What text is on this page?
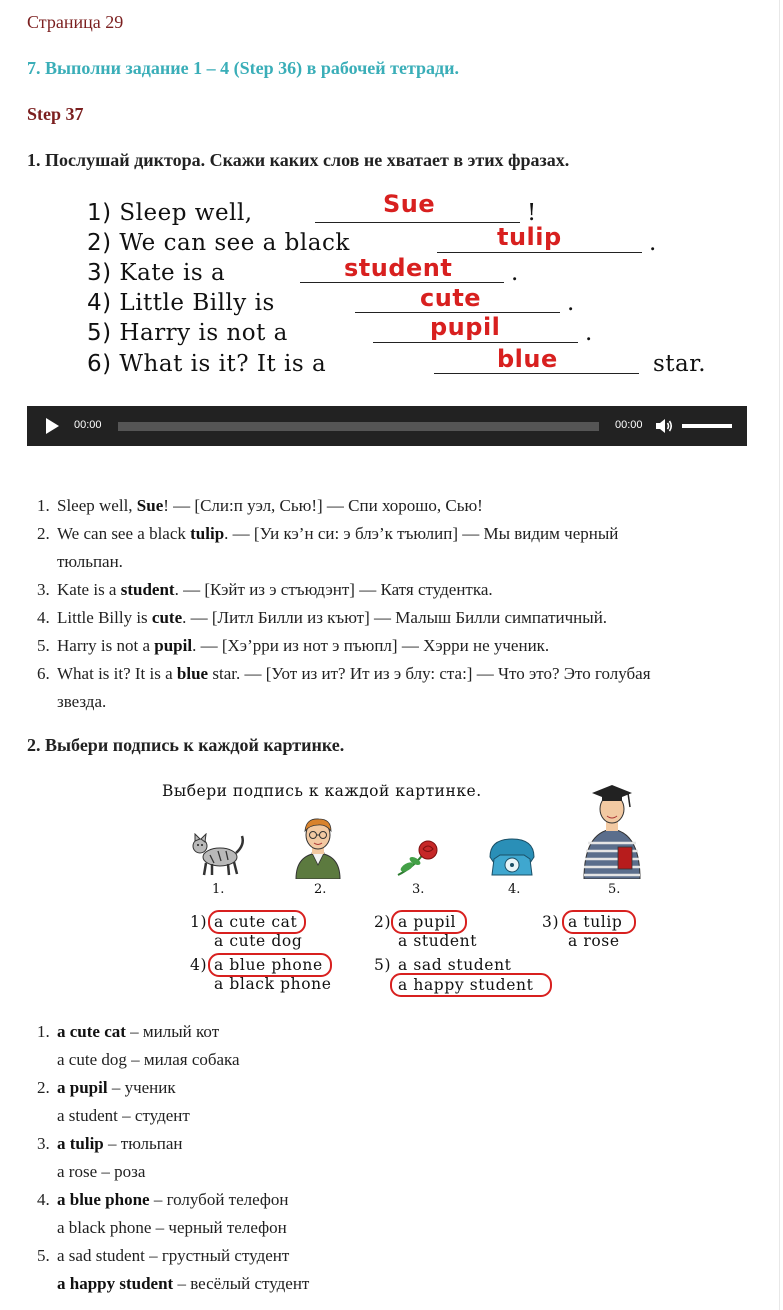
Страница 29
7. Выполни задание 1 – 4 (Step 36) в рабочей тетради.
Step 37
1. Послушай диктора. Скажи каких слов не хватает в этих фразах.
1) Sleep well,	Sue	!
2) We can see a black	tulip	.
3) Kate is a	student	.
4) Little Billy is	cute	.
5) Harry is not a	pupil	.
6) What is it? It is a	blue	star.
00:00	00:00
1. Sleep well, Sue! — [Сли:п уэл, Сью!] — Спи хорошо, Сью!
2. We can see a black tulip. — [Уи кэ’н си: э блэ’к тъюлип] — Мы видим черный
тюльпан.
3. Kate is a student. — [Кэйт из э стъюдэнт] — Катя студентка.
4. Little Billy is cute. — [Литл Билли из къют] — Малыш Билли симпатичный.
5. Harry is not a pupil. — [Хэ’рри из нот э пъюпл] — Хэрри не ученик.
6. What is it? It is a blue star. — [Уот из ит? Ит из э блу: ста:] — Что это? Это голубая
звезда.
2. Выбери подпись к каждой картинке.
Выбери подпись к каждой картинке.
1.	2.	3.	4.	5.
1) a cute cat
a cute dog
2) a pupil
a student
3) a tulip
a rose
4) a blue phone
a black phone
5) a sad student
a happy student
1. a cute cat – милый кот
a cute dog – милая собака
2. a pupil – ученик
a student – студент
3. a tulip – тюльпан
a rose – роза
4. a blue phone – голубой телефон
a black phone – черный телефон
5. a sad student – грустный студент
a happy student – весёлый студент
